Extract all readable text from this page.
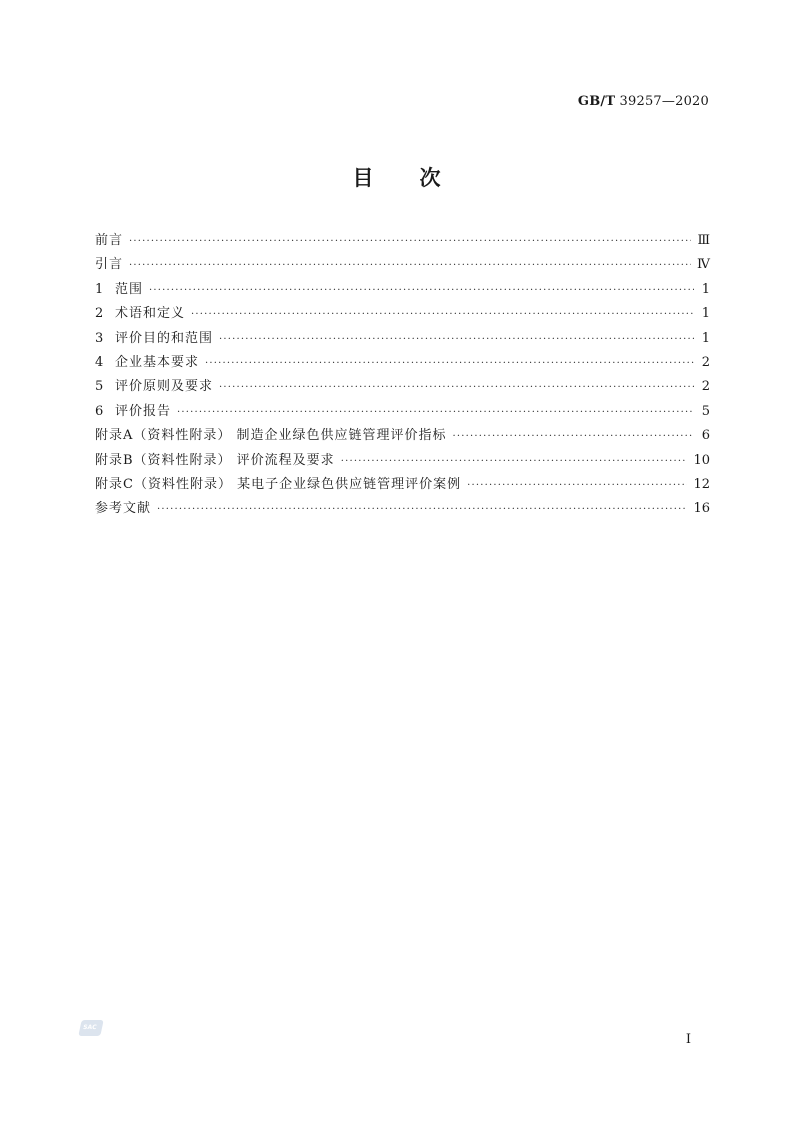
GB/T 39257—2020
目次
前言 ·····	Ⅲ
引言 ·····	Ⅳ
1 范围 ·····	1
2 术语和定义 ·····	1
3 评价目的和范围 ·····	1
4 企业基本要求 ·····	2
5 评价原则及要求 ·····	2
6 评价报告 ·····	5
附录A（资料性附录） 制造企业绿色供应链管理评价指标 ·····	6
附录B（资料性附录） 评价流程及要求 ·····	10
附录C（资料性附录） 某电子企业绿色供应链管理评价案例 ·····	12
参考文献 ·····	16
SAC
Ⅰ
